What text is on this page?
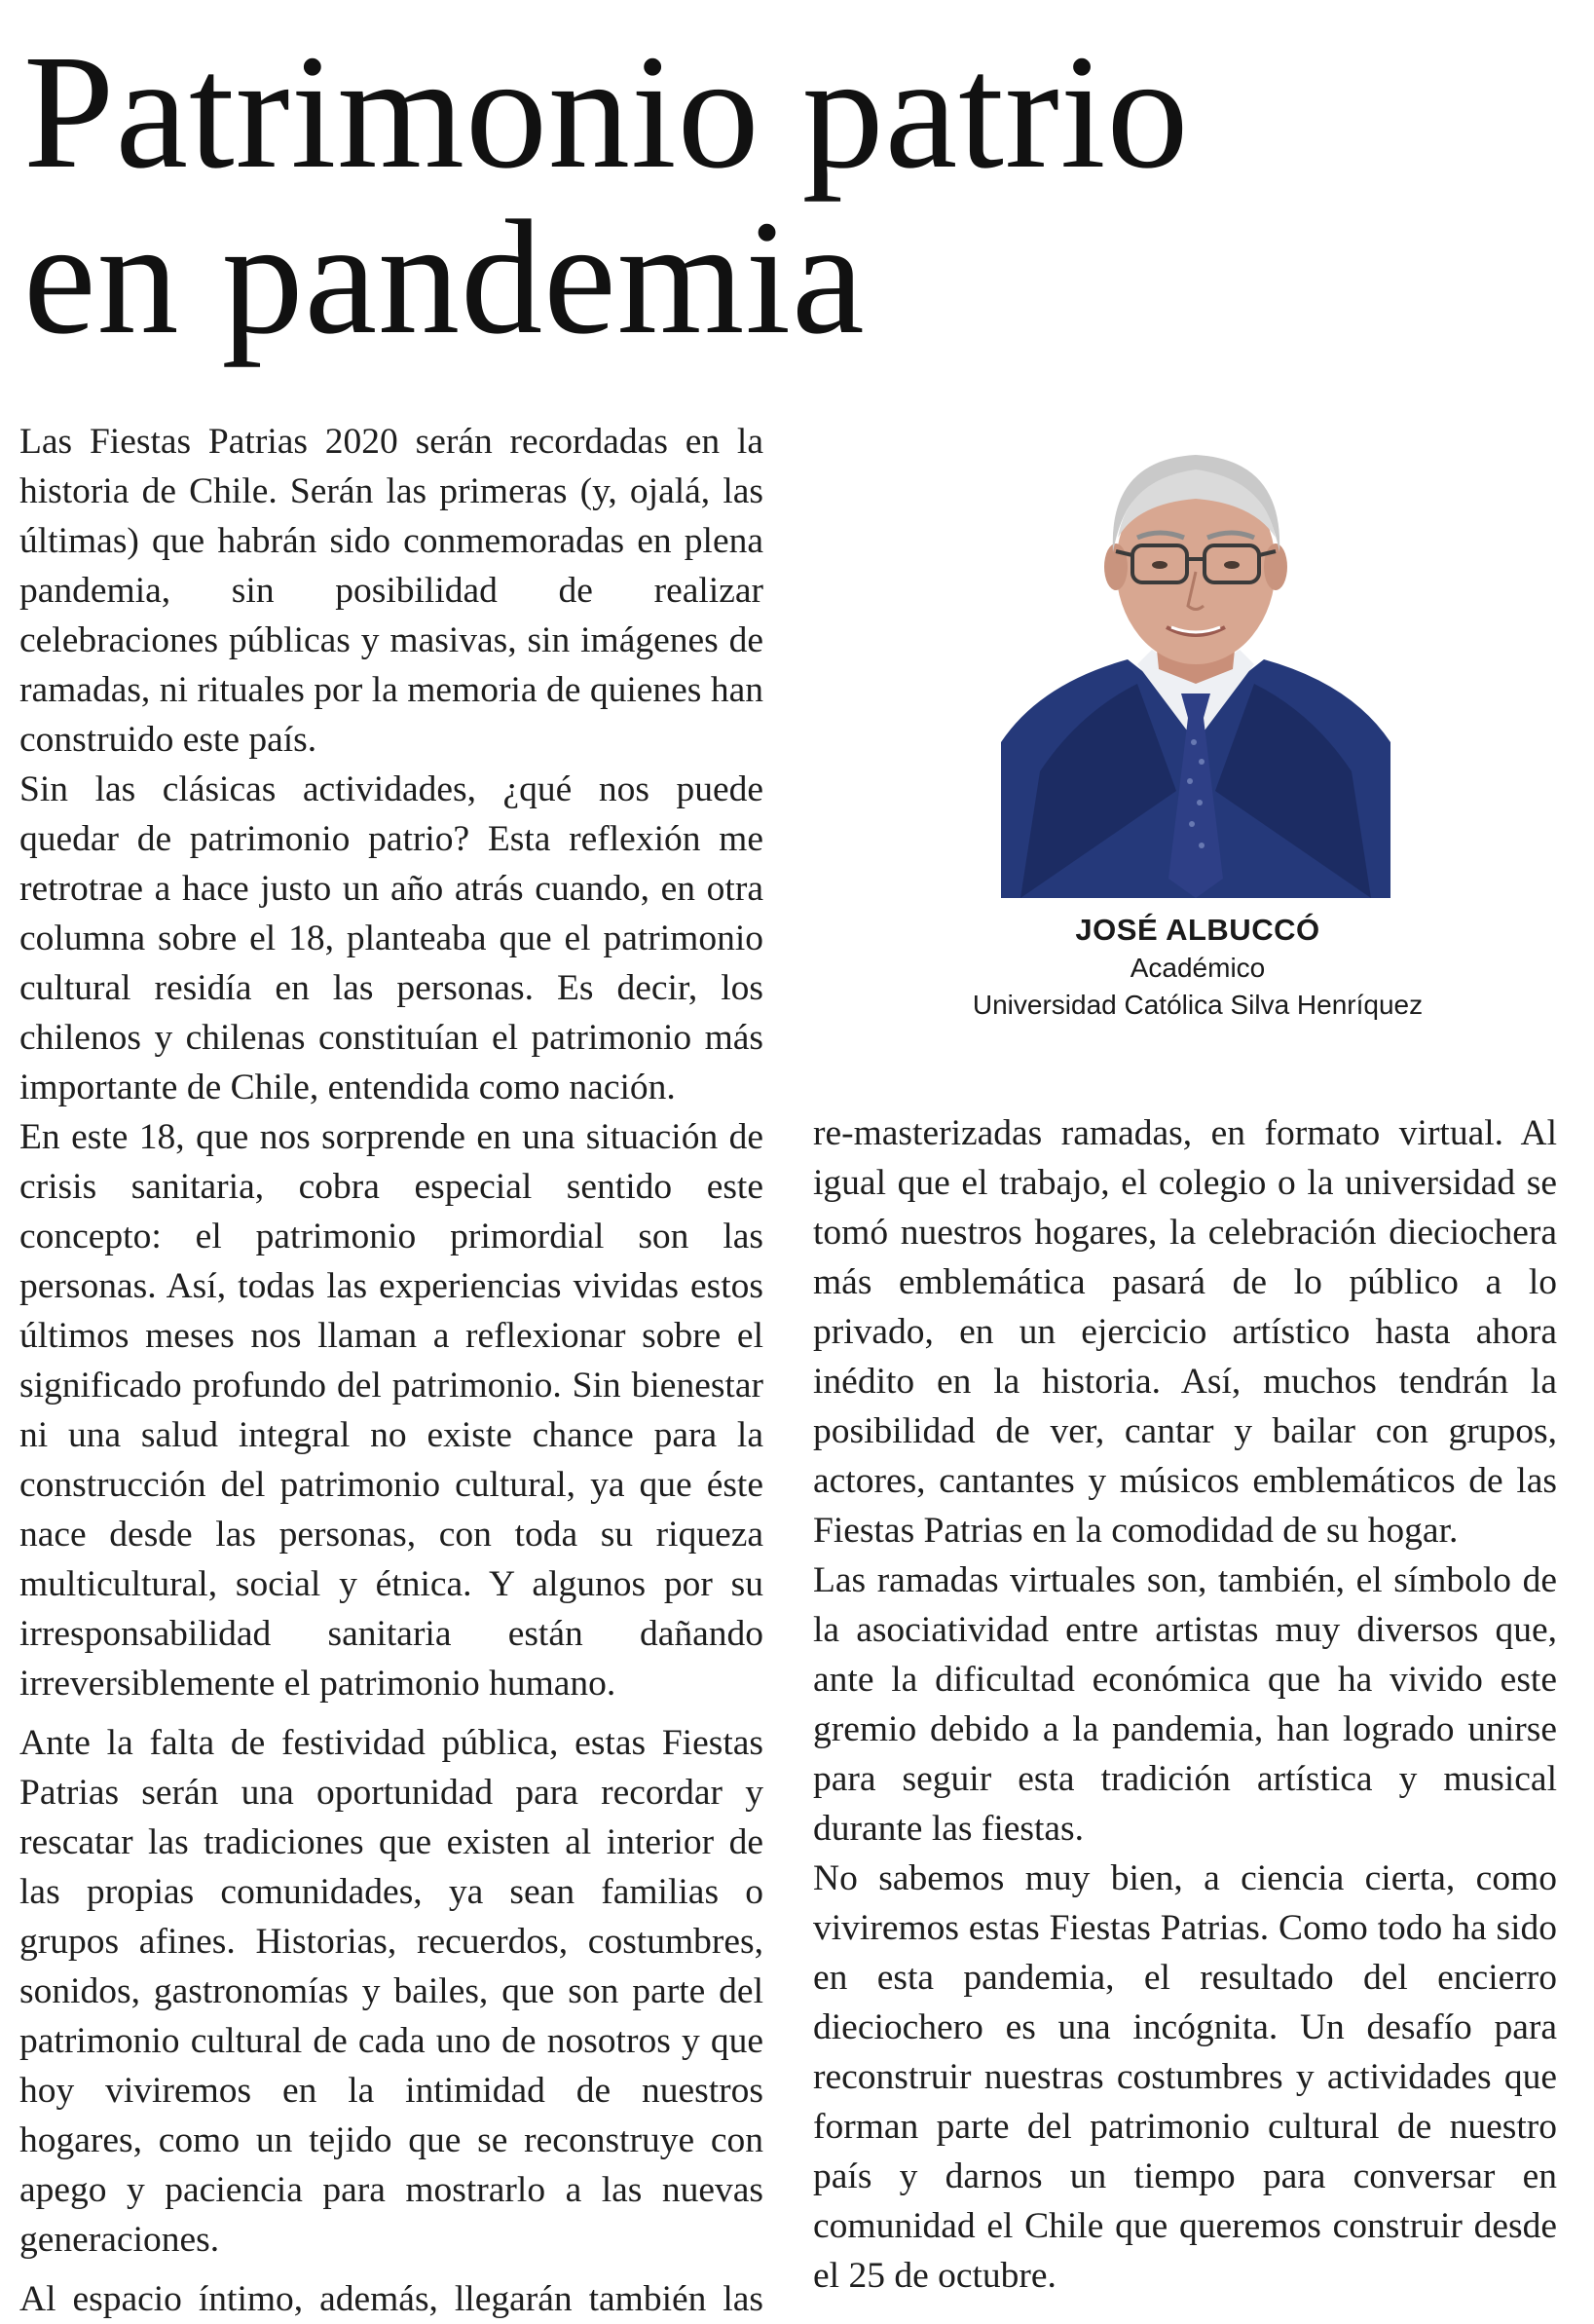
Patrimonio patrio
en pandemia

Las Fiestas Patrias 2020 serán recordadas en la historia de Chile. Serán las primeras (y, ojalá, las últimas) que habrán sido conmemoradas en plena pandemia, sin posibilidad de realizar celebraciones públicas y masivas, sin imágenes de ramadas, ni rituales por la memoria de quienes han construido este país.

Sin las clásicas actividades, ¿qué nos puede quedar de patrimonio patrio? Esta reflexión me retrotrae a hace justo un año atrás cuando, en otra columna sobre el 18, planteaba que el patrimonio cultural residía en las personas. Es decir, los chilenos y chilenas constituían el patrimonio más importante de Chile, entendida como nación.

En este 18, que nos sorprende en una situación de crisis sanitaria, cobra especial sentido este concepto: el patrimonio primordial son las personas. Así, todas las experiencias vividas estos últimos meses nos llaman a reflexionar sobre el significado profundo del patrimonio. Sin bienestar ni una salud integral no existe chance para la construcción del patrimonio cultural, ya que éste nace desde las personas, con toda su riqueza multicultural, social y étnica. Y algunos por su irresponsabilidad sanitaria están dañando irreversiblemente el patrimonio humano.

Ante la falta de festividad pública, estas Fiestas Patrias serán una oportunidad para recordar y rescatar las tradiciones que existen al interior de las propias comunidades, ya sean familias o grupos afines. Historias, recuerdos, costumbres, sonidos, gastronomías y bailes, que son parte del patrimonio cultural de cada uno de nosotros y que hoy viviremos en la intimidad de nuestros hogares, como un tejido que se reconstruye con apego y paciencia para mostrarlo a las nuevas generaciones.

Al espacio íntimo, además, llegarán también las

JOSÉ ALBUCCÓ
Académico
Universidad Católica Silva Henríquez

re-masterizadas ramadas, en formato virtual. Al igual que el trabajo, el colegio o la universidad se tomó nuestros hogares, la celebración dieciochera más emblemática pasará de lo público a lo privado, en un ejercicio artístico hasta ahora inédito en la historia. Así, muchos tendrán la posibilidad de ver, cantar y bailar con grupos, actores, cantantes y músicos emblemáticos de las Fiestas Patrias en la comodidad de su hogar.

Las ramadas virtuales son, también, el símbolo de la asociatividad entre artistas muy diversos que, ante la dificultad económica que ha vivido este gremio debido a la pandemia, han logrado unirse para seguir esta tradición artística y musical durante las fiestas.

No sabemos muy bien, a ciencia cierta, como viviremos estas Fiestas Patrias. Como todo ha sido en esta pandemia, el resultado del encierro dieciochero es una incógnita. Un desafío para reconstruir nuestras costumbres y actividades que forman parte del patrimonio cultural de nuestro país y darnos un tiempo para conversar en comunidad el Chile que queremos construir desde el 25 de octubre.
